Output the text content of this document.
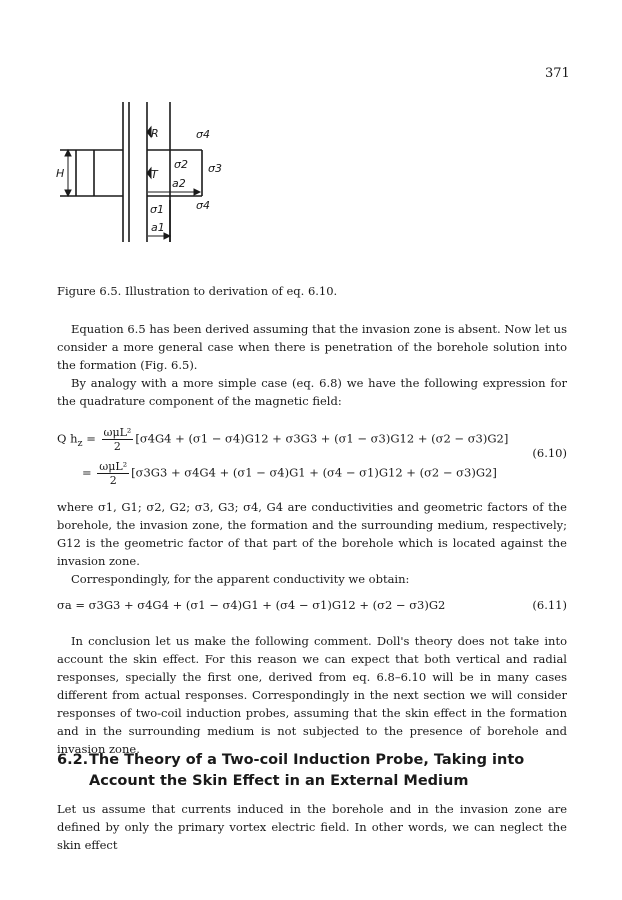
371
R	σ4
H	T
σ2 σ3
a2
σ1	σ4
a1
Figure 6.5. Illustration to derivation of eq. 6.10.
Equation 6.5 has been derived assuming that the invasion zone is absent. Now let us consider a more general case when there is penetration of the borehole solution into the formation (Fig. 6.5).
By analogy with a more simple case (eq. 6.8) we have the following expression for the quadrature component of the magnetic field:
Q $h_z = \frac{\text{ωμL²}}{2} [\sigma 4G4 + (\sigma 1 - \sigma 4)G12 + \sigma 3G3 + (\sigma 1 - \sigma 3)G12 + (\sigma 2 - \sigma 3)G2]$
= $\frac{\text{ωμL²}}{2} [\sigma 3G3 + \sigma 4G4 + (\sigma 1 - \sigma 4)G1 + (\sigma 4 - \sigma 1)G12 + (\sigma 2 - \sigma 3)G2]$
(6.10)
where σ1, G1; σ2, G2; σ3, G3; σ4, G4 are conductivities and geometric factors of the borehole, the invasion zone, the formation and the surrounding medium, respectively; G12 is the geometric factor of that part of the borehole which is located against the invasion zone.
Correspondingly, for the apparent conductivity we obtain:
σa = σ3G3 + σ4G4 + (σ1 − σ4)G1 + (σ4 − σ1)G12 + (σ2 − σ3)G2	(6.11)
In conclusion let us make the following comment. Doll's theory does not take into account the skin effect. For this reason we can expect that both vertical and radial responses, specially the first one, derived from eq. 6.8–6.10 will be in many cases different from actual responses. Correspondingly in the next section we will consider responses of two-coil induction probes, assuming that the skin effect in the formation and in the surrounding medium is not subjected to the presence of borehole and invasion zone.
6.2.The Theory of a Two-coil Induction Probe, Taking into
Account the Skin Effect in an External Medium
Let us assume that currents induced in the borehole and in the invasion zone are defined by only the primary vortex electric field. In other words, we can neglect the skin effect
